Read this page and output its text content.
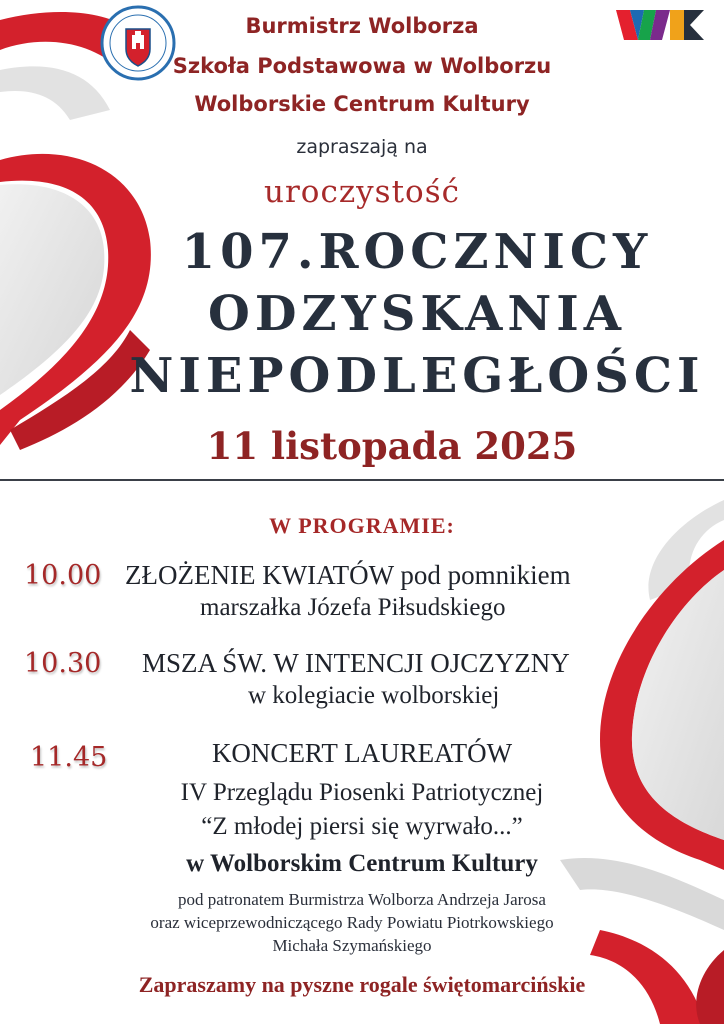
Burmistrz Wolborza
Szkoła Podstawowa w Wolborzu
Wolborskie Centrum Kultury
zapraszają na
uroczystość
107.ROCZNICY
ODZYSKANIA
NIEPODLEGŁOŚCI
11 listopada 2025
W PROGRAMIE:
10.00 ZŁOŻENIE KWIATÓW pod pomnikiem
marszałka Józefa Piłsudskiego
10.30 MSZA ŚW. W INTENCJI OJCZYZNY
w kolegiacie wolborskiej
11.45	KONCERT LAUREATÓW
IV Przeglądu Piosenki Patriotycznej
“Z młodej piersi się wyrwało...”
w Wolborskim Centrum Kultury
pod patronatem Burmistrza Wolborza Andrzeja Jarosa
oraz wiceprzewodniczącego Rady Powiatu Piotrkowskiego
Michała Szymańskiego
Zapraszamy na pyszne rogale świętomarcińskie
